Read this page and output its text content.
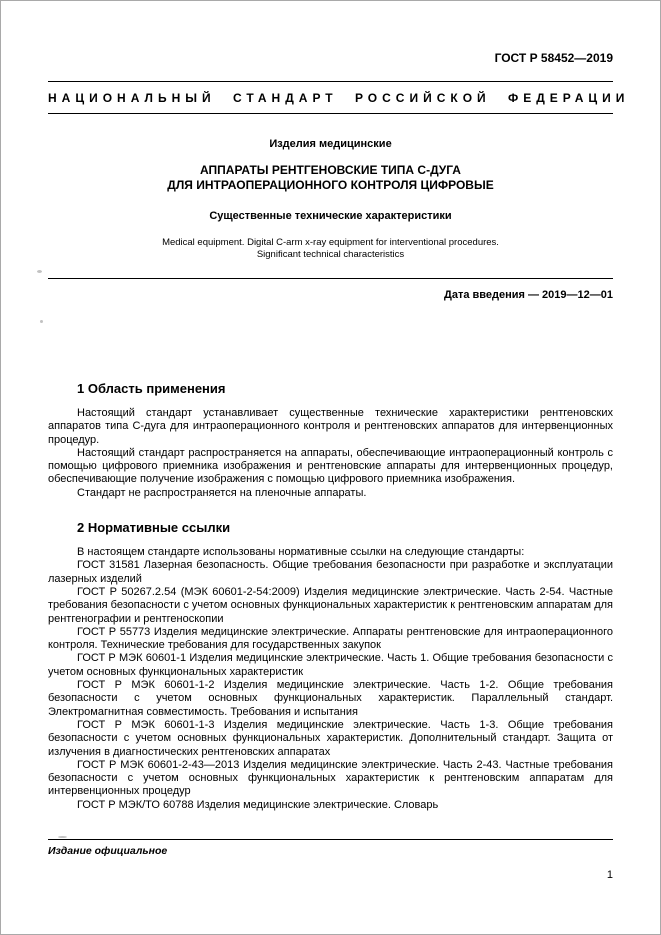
ГОСТ Р 58452—2019
НАЦИОНАЛЬНЫЙ СТАНДАРТ РОССИЙСКОЙ ФЕДЕРАЦИИ
Изделия медицинские
АППАРАТЫ РЕНТГЕНОВСКИЕ ТИПА С-ДУГА
ДЛЯ ИНТРАОПЕРАЦИОННОГО КОНТРОЛЯ ЦИФРОВЫЕ
Существенные технические характеристики
Medical equipment. Digital C-arm x-ray equipment for interventional procedures.
Significant technical characteristics
Дата введения — 2019—12—01
1 Область применения

Настоящий стандарт устанавливает существенные технические характеристики рентгеновских аппаратов типа С-дуга для интраоперационного контроля и рентгеновских аппаратов для интервенционных процедур.

Настоящий стандарт распространяется на аппараты, обеспечивающие интраоперационный контроль с помощью цифрового приемника изображения и рентгеновские аппараты для интервенционных процедур, обеспечивающие получение изображения с помощью цифрового приемника изображения.

Стандарт не распространяется на пленочные аппараты.

2 Нормативные ссылки

В настоящем стандарте использованы нормативные ссылки на следующие стандарты:

ГОСТ 31581 Лазерная безопасность. Общие требования безопасности при разработке и эксплуатации лазерных изделий

ГОСТ Р 50267.2.54 (МЭК 60601-2-54:2009) Изделия медицинские электрические. Часть 2-54. Частные требования безопасности с учетом основных функциональных характеристик к рентгеновским аппаратам для рентгенографии и рентгеноскопии

ГОСТ Р 55773 Изделия медицинские электрические. Аппараты рентгеновские для интраоперационного контроля. Технические требования для государственных закупок

ГОСТ Р МЭК 60601-1 Изделия медицинские электрические. Часть 1. Общие требования безопасности с учетом основных функциональных характеристик

ГОСТ Р МЭК 60601-1-2 Изделия медицинские электрические. Часть 1-2. Общие требования безопасности с учетом основных функциональных характеристик. Параллельный стандарт. Электромагнитная совместимость. Требования и испытания

ГОСТ Р МЭК 60601-1-3 Изделия медицинские электрические. Часть 1-3. Общие требования безопасности с учетом основных функциональных характеристик. Дополнительный стандарт. Защита от излучения в диагностических рентгеновских аппаратах

ГОСТ Р МЭК 60601-2-43—2013 Изделия медицинские электрические. Часть 2-43. Частные требования безопасности с учетом основных функциональных характеристик к рентгеновским аппаратам для интервенционных процедур

ГОСТ Р МЭК/ТО 60788 Изделия медицинские электрические. Словарь

Издание официальное
1
